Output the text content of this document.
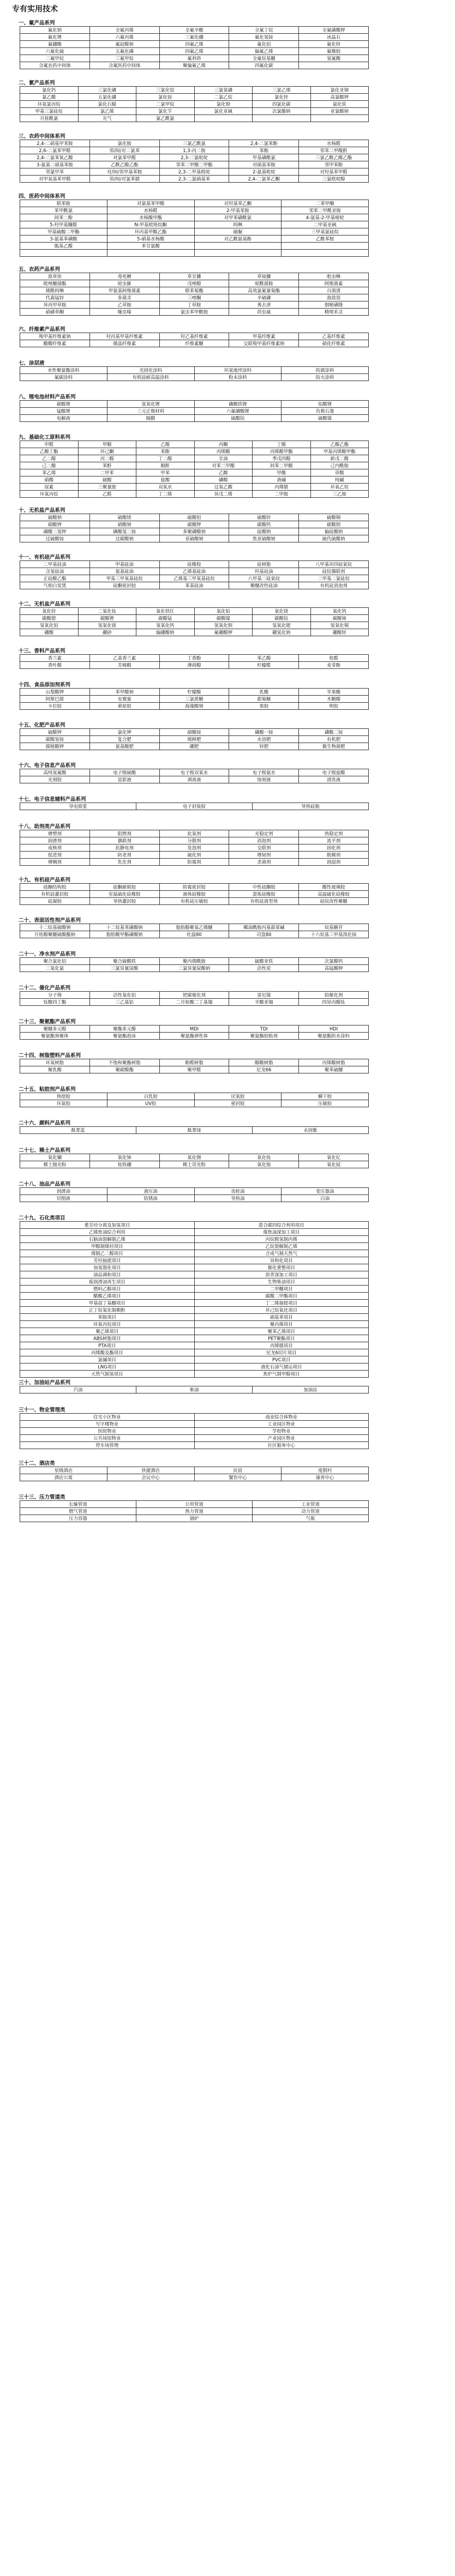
专有实用技术
一、氟产品系列
氟化钠	全氟丙烯	全氟辛酸	全氟丁烷	全氟磺酸钾
氟化锂	六氟丙烯	三氟化硼	氟化氢铵	冰晶石
氟硼酸	氟硅酸钠	四氟乙烯	氟化铝	氟化锌
六氟化硫	五氟化磷	四氟乙烯	偏氟乙烯	氟橡胶
二氟甲烷	三氟甲烷	氟利昂	全氟烷基醚	氢氟酸
含氟农药中间体	含氟医药中间体	聚偏氟乙烯	四氟化碳	
二、氯产品系列
氯化钙	三氯化磷	三氯化铝	三氯氧磷	三氯乙烯	氯化亚铜
氯乙酸	五氯化磷	氯化铵	二氯乙烷	氯化锌	高氯酸钾
环氧氯丙烷	氯化石蜡	二氯甲烷	氯化钡	四氯化碳	氯化铁
甲基三氯硅烷	氯乙烯	氯化苄	氯化亚砜	次氯酸钠	亚氯酸钠
月桂酰氯	光气	氯乙酰氯			
三、农药中间体系列
2,4-二硝基甲苯胺	氯化胺	三氯乙酰氯	2,4-二氯苯酚	水杨醛
2,6-二氯苯甲醛	邻/间/对二氯苯	1,3-丙二胺	苯酚	邻苯二甲酸酐
2,4-二氯苯氧乙酸	对氯苯甲醛	2,3-二氯吡啶	甲基磺酰氯	三氯乙酰乙酸乙酯
3-氨基二硝基苯胺	乙酰乙酸乙酯	邻苯二甲酸二甲酯	对硝基苯胺	邻甲苯酚
邻氯甲苯	对/间/邻甲基苯胺	2,3-二甲基吡啶	2-氨基吡啶	对羟基苯甲醛
对甲氧基苯甲醛	邻/间/对氯苯腈	2,3-二氯硝基苯	2,4-二氯苯乙酮	三氯吡啶醇
四、医药中间体系列
联苯胺	对氨基苯甲酸	对羟基苯乙酮	二苯甲酮
苯甲酰氯	水杨醛	2-甲基苯胺	邻苯二甲酰亚胺
间苯二酚	水杨酸甲酯	对甲苯磺酰氯	4-氨基-2-甲基嘧啶
5-羟甲基糠醛	N-甲基吡咯烷酮	吗啉	二甲基亚砜
甲基硫酸二甲酯	环丙基甲酸乙酯	硫脲	三甲基氯硅烷
3-氨基苯磺酸	5-硝基水杨酸	对乙酰氨基酚	乙酰苯胺
胍基乙酸	苯甘氨酸		

五、农药产品系列
敌草快	毒死蜱	草甘膦	草铵膦	吡虫啉
吡唑醚菌酯	啶虫脒	戊唑醇	啶酰菌胺	阿维菌素
烯酰吗啉	甲氨基阿维菌素	联苯菊酯	高效氯氟氰菊酯	百菌清
代森锰锌	多菌灵	三唑酮	辛硫磷	敌敌畏
异丙甲草胺	乙草胺	丁草胺	莠去津	烟嘧磺隆
硝磺草酮	噻虫嗪	氯虫苯甲酰胺	茚虫威	精喹禾灵
六、纤维素产品系列
羧甲基纤维素钠	羟丙基甲基纤维素	羟乙基纤维素	甲基纤维素	乙基纤维素
醋酸纤维素	微晶纤维素	纤维素醚	交联羧甲基纤维素钠	硝化纤维素
七、涂层液
水性聚氨酯涂料	光固化涂料	环氧地坪涂料	防腐涂料
氟碳涂料	有机硅耐高温涂料	粉末涂料	防火涂料
八、锂电池材料产品系列
碳酸锂	氢氧化锂	磷酸铁锂	钴酸锂
锰酸锂	三元正极材料	六氟磷酸锂	负极石墨
电解液	隔膜	硫酸钴	硫酸镍
九、基础化工原料系列
甲醛	甲醇	乙醇	丙酮	丁醇	乙酸乙酯
乙酸丁酯	环己酮	苯酚	丙烯酸	丙烯酸甲酯	甲基丙烯酸甲酯
乙二醇	丙二醇	丁二醇	甘油	季戊四醇	新戊二醇
己二酸	苯酐	顺酐	对苯二甲酸	间苯二甲酸	己内酰胺
苯乙烯	二甲苯	甲苯	乙酸	甲酸	草酸
硝酸	硫酸	盐酸	磷酸	液碱	纯碱
尿素	三聚氰胺	双氧水	过氧乙酸	丙烯腈	环氧乙烷
环氧丙烷	乙醛	丁二烯	异戊二烯	二甲胺	三乙胺
十、无机盐产品系列
硫酸钠	硫酸镁	硫酸铝	硫酸锌	硫酸铜
硝酸钾	硝酸钠	碳酸钾	碳酸钙	碳酸钡
磷酸二氢钾	磷酸氢二铵	多聚磷酸钠	硅酸钠	偏硅酸钠
过硫酸铵	过碳酸钠	亚硫酸钠	焦亚硫酸钠	硫代硫酸钠
十一、有机硅产品系列
二甲基硅油	甲基硅油	硅橡胶	硅树脂	八甲基环四硅氧烷
含氢硅油	氨基硅油	乙烯基硅油	羟基硅油	硅烷偶联剂
正硅酸乙酯	甲基三甲氧基硅烷	乙烯基三甲氧基硅烷	六甲基二硅氧烷	二甲基二氯硅烷
气相白炭黑	硅酮密封胶	苯基硅油	聚醚改性硅油	有机硅消泡剂
十二、无机盐产品系列
氧化锌	二氧化钛	氧化铁红	氧化铝	氧化镁	氧化钙
碳酸锶	碳酸锂	碳酸锰	碳酸镍	碳酸钴	碳酸铈
氢氧化铝	氢氧化镁	氢氧化钙	氢氧化钡	氢氧化锶	氢氧化铜
硼酸	硼砂	偏硼酸钠	氟硼酸钾	硼氢化钠	硼酸锌
十三、香料产品系列
香兰素	乙基香兰素	丁香酚	苯乙醇	桂醛
香叶醇	芳樟醇	薄荷醇	柠檬醛	麦芽酚
十四、食品添加剂系列
山梨酸钾	苯甲酸钠	柠檬酸	乳酸	苹果酸
阿斯巴甜	安赛蜜	三氯蔗糖	甜菊糖	木糖醇
卡拉胶	黄原胶	海藻酸钠	果胶	明胶
十五、化肥产品系列
硫酸钾	氯化钾	硝酸铵	磷酸一铵	磷酸二铵
碳酸氢铵	复合肥	缓释肥	水溶肥	有机肥
腐植酸钾	氨基酸肥	硼肥	锌肥	微生物菌肥
十六、电子信息产品系列
高纯氢氟酸	电子级硫酸	电子级双氧水	电子级氨水	电子级盐酸
光刻胶	显影液	剥离液	蚀刻液	清洗液
十七、电子信息辅料产品系列
导电银浆	电子封装胶	导热硅脂
十八、助剂类产品系列
增塑剂	阻燃剂	抗氧剂	光稳定剂	热稳定剂
润滑剂	偶联剂	分散剂	消泡剂	流平剂
成核剂	抗静电剂	发泡剂	交联剂	固化剂
促进剂	防老剂	硫化剂	增韧剂	脱模剂
增稠剂	乳化剂	防霉剂	杀菌剂	润湿剂
十九、有机硅产品系列
硅酮结构胶	硅酮耐候胶	防霉密封胶	中性硅酮胶	酸性玻璃胶
有机硅灌封胶	室温硫化硅橡胶	液体硅橡胶	混炼硅橡胶	高温硫化硅橡胶
硅凝胶	导热灌封胶	有机硅压敏胶	有机硅离型剂	硅烷改性聚醚
二十、表面活性剂产品系列
十二烷基硫酸钠	十二烷基苯磺酸钠	脂肪醇聚氧乙烯醚	椰油酰胺丙基甜菜碱	烷基糖苷
月桂醇聚醚硫酸酯钠	脂肪酸甲酯磺酸钠	吐温80	司盘80	十六烷基三甲基溴化铵
二十一、净水剂产品系列
聚合氯化铝	聚合硫酸铁	聚丙烯酰胺	硫酸亚铁	次氯酸钙
二氧化氯	三氯异氰尿酸	二氯异氰尿酸钠	活性炭	高锰酸钾
二十二、催化产品系列
分子筛	活性氧化铝	钯碳催化剂	雷尼镍	铂催化剂
钛酸四丁酯	三乙基铝	二月桂酸二丁基锡	辛酸亚锡	四异丙醇钛
二十三、聚氨酯产品系列
聚醚多元醇	聚酯多元醇	MDI	TDI	HDI
聚氨酯预聚体	聚氨酯泡沫	聚氨酯弹性体	聚氨酯胶粘剂	聚氨酯防水涂料
二十四、树脂塑料产品系列
环氧树脂	不饱和聚酯树脂	酚醛树脂	醇酸树脂	丙烯酸树脂
聚乳酸	聚碳酸酯	聚甲醛	尼龙66	聚苯硫醚
二十五、粘胶剂产品系列
热熔胶	白乳胶	厌氧胶	瞬干胶
环氧胶	UV胶	密封胶	压敏胶
二十六、颜料产品系列
酞菁蓝	酞菁绿	永固紫
二十七、稀土产品系列
氧化镧	氧化铈	氧化镨	氧化钕	氧化钇
稀土抛光粉	钕铁硼	稀土荧光粉	氧化铕	氧化铽
二十八、油品产品系列
润滑油	液压油	齿轮油	变压器油
切削液	防锈油	导热油	白油
二十九、石化类项目
重芳烃分离及加氢项目	混合碳四综合利用项目
乙烯焦油综合利用	煤焦油深加工项目
石脑油裂解制乙烯	丙烷脱氢制丙烯
甲醇制烯烃项目	乙烷裂解制乙烯
煤制乙二醇项目	合成气制天然气
芳烃抽提项目	异构化项目
加氢裂化项目	催化重整项目
油品调和项目	沥青深加工项目
废润滑油再生项目	生物柴油项目
燃料乙醇项目	二甲醚项目
醋酸乙烯项目	碳酸二甲酯项目
甲基叔丁基醚项目	丁二烯抽提项目
正丁烷氧化制顺酐	环己烷氧化项目
苯胺项目	硝基苯项目
环氧丙烷项目	聚丙烯项目
聚乙烯项目	聚苯乙烯项目
ABS树脂项目	PET聚酯项目
PTA项目	丙烯腈项目
丙烯酸及酯项目	尼龙6切片项目
氯碱项目	PVC项目
LNG项目	液化石油气储运项目
天然气制氢项目	焦炉气制甲醇项目
三十、加油站产品系列
汽油	柴油	加油站
三十一、物业管理类
住宅小区物业	商业综合体物业
写字楼物业	工业园区物业
医院物业	学校物业
公共场馆物业	产业园区物业
停车场管理	社区服务中心
三十二、酒店类
星级酒店	快捷酒店	民宿	度假村
酒店公寓	会议中心	餐饮中心	康养中心
三十三、压力管道类
长输管道	公用管道	工业管道
燃气管道	热力管道	动力管道
压力容器	锅炉	气瓶
